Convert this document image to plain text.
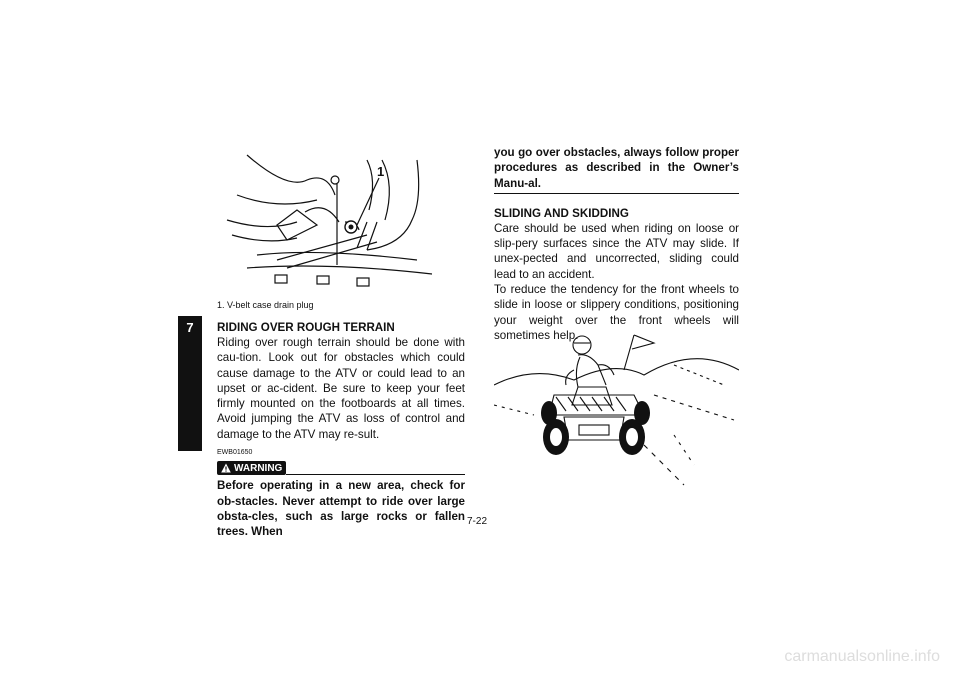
7
1
1. V-belt case drain plug
RIDING OVER ROUGH TERRAIN

Riding over rough terrain should be done with cau-tion. Look out for obstacles which could cause damage to the ATV or could lead to an upset or ac-cident. Be sure to keep your feet firmly mounted on the footboards at all times. Avoid jumping the ATV as loss of control and damage to the ATV may re-sult.

EWB01650
WARNING

Before operating in a new area, check for ob-stacles. Never attempt to ride over large obsta-cles, such as large rocks or fallen trees. When

you go over obstacles, always follow proper procedures as described in the Owner’s Manu-al.

SLIDING AND SKIDDING

Care should be used when riding on loose or slip-pery surfaces since the ATV may slide. If unex-pected and uncorrected, sliding could lead to an accident.

To reduce the tendency for the front wheels to slide in loose or slippery conditions, positioning your weight over the front wheels will sometimes help.

7-22
carmanualsonline.info
